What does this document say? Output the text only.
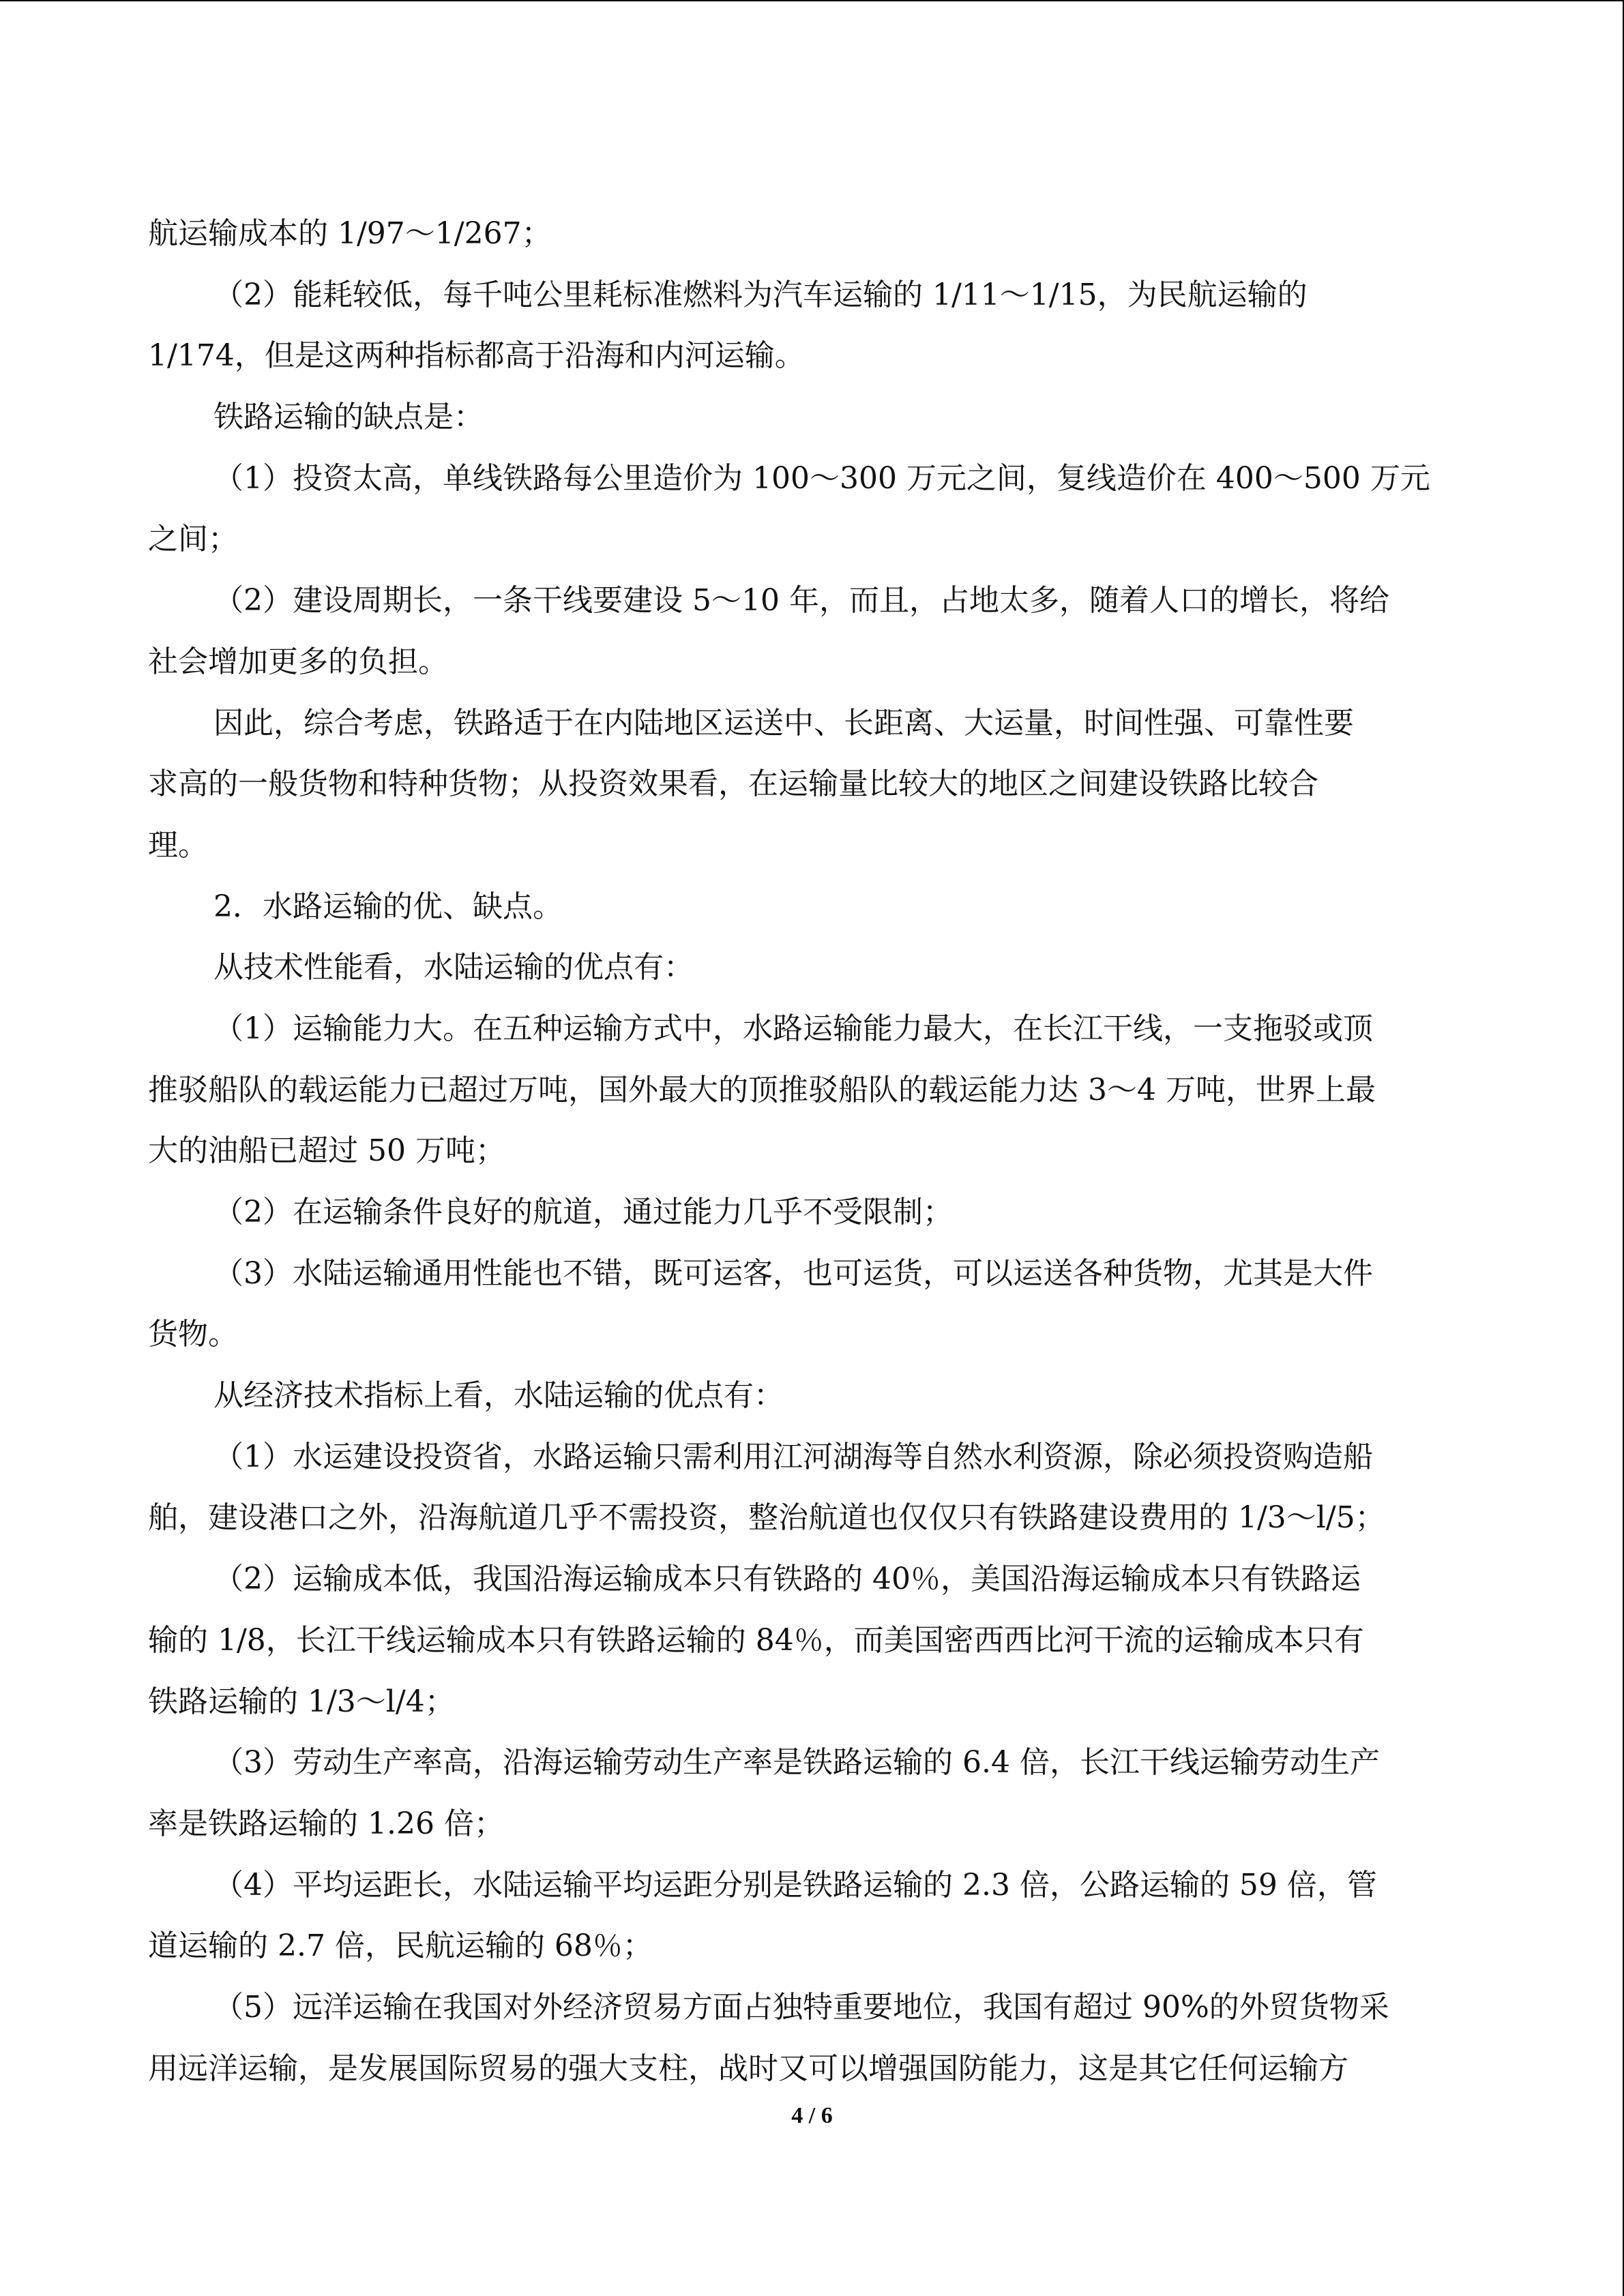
航运输成本的 1/97～1/267；
（2）能耗较低，每千吨公里耗标准燃料为汽车运输的 1/11～1/15，为民航运输的
1/174，但是这两种指标都高于沿海和内河运输。
铁路运输的缺点是：
（1）投资太高，单线铁路每公里造价为 100～300 万元之间，复线造价在 400～500 万元
之间；
（2）建设周期长，一条干线要建设 5～10 年，而且，占地太多，随着人口的增长，将给
社会增加更多的负担。
因此，综合考虑，铁路适于在内陆地区运送中、长距离、大运量，时间性强、可靠性要
求高的一般货物和特种货物；从投资效果看，在运输量比较大的地区之间建设铁路比较合
理。
2．水路运输的优、缺点。
从技术性能看，水陆运输的优点有：
（1）运输能力大。在五种运输方式中，水路运输能力最大，在长江干线，一支拖驳或顶
推驳船队的载运能力已超过万吨，国外最大的顶推驳船队的载运能力达 3～4 万吨，世界上最
大的油船已超过 50 万吨；
（2）在运输条件良好的航道，通过能力几乎不受限制；
（3）水陆运输通用性能也不错，既可运客，也可运货，可以运送各种货物，尤其是大件
货物。
从经济技术指标上看，水陆运输的优点有：
（1）水运建设投资省，水路运输只需利用江河湖海等自然水利资源，除必须投资购造船
舶，建设港口之外，沿海航道几乎不需投资，整治航道也仅仅只有铁路建设费用的 1/3～l/5；
（2）运输成本低，我国沿海运输成本只有铁路的 40％，美国沿海运输成本只有铁路运
输的 1/8，长江干线运输成本只有铁路运输的 84％，而美国密西西比河干流的运输成本只有
铁路运输的 1/3～l/4；
（3）劳动生产率高，沿海运输劳动生产率是铁路运输的 6.4 倍，长江干线运输劳动生产
率是铁路运输的 1.26 倍；
（4）平均运距长，水陆运输平均运距分别是铁路运输的 2.3 倍，公路运输的 59 倍，管
道运输的 2.7 倍，民航运输的 68％；
（5）远洋运输在我国对外经济贸易方面占独特重要地位，我国有超过 90%的外贸货物采
用远洋运输，是发展国际贸易的强大支柱，战时又可以增强国防能力，这是其它任何运输方
4 / 6
